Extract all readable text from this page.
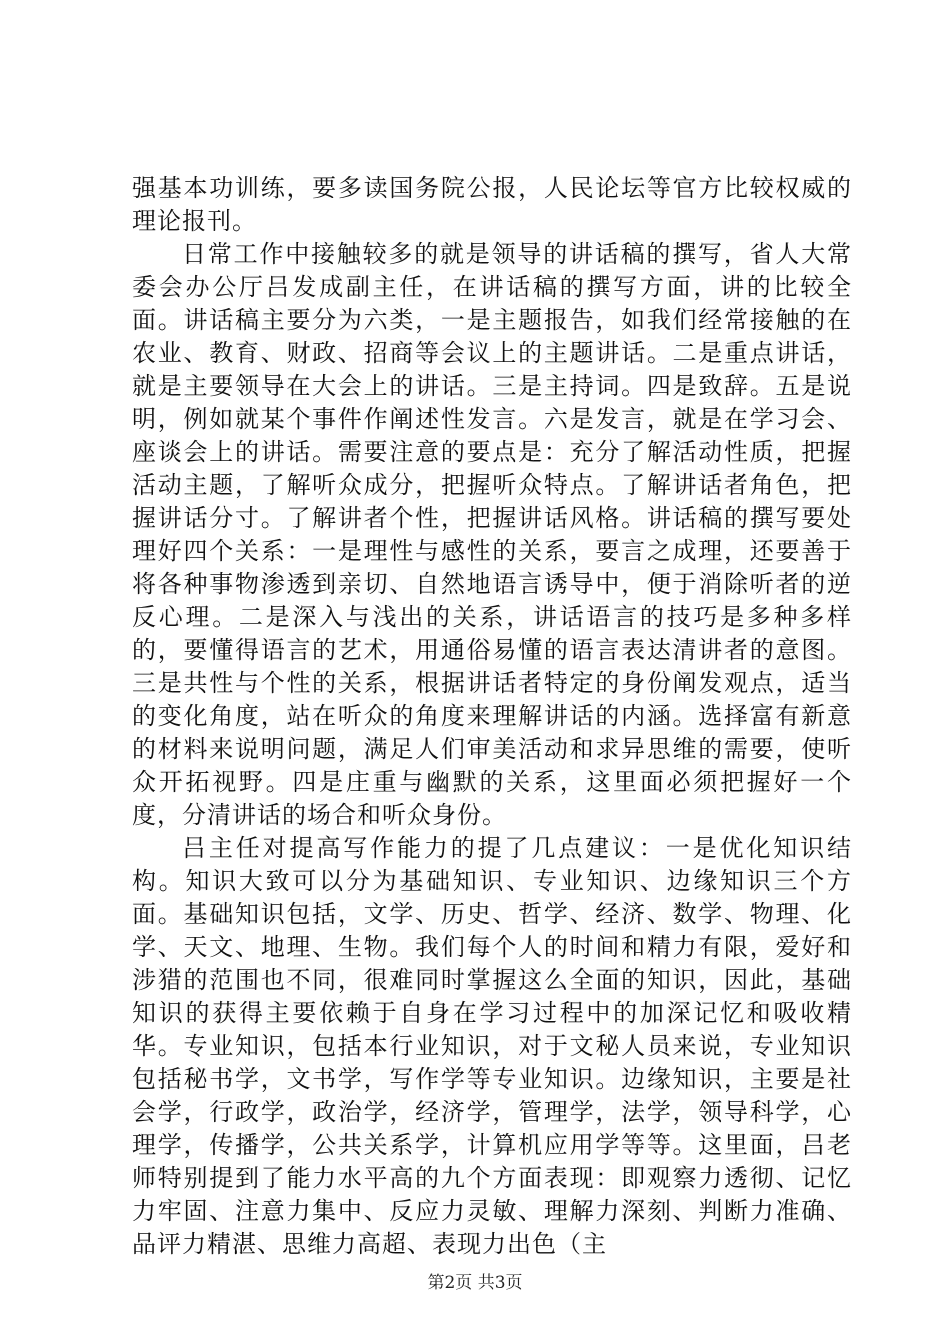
强基本功训练，要多读国务院公报，人民论坛等官方比较权威的理论报刊。

日常工作中接触较多的就是领导的讲话稿的撰写，省人大常委会办公厅吕发成副主任，在讲话稿的撰写方面，讲的比较全面。讲话稿主要分为六类，一是主题报告，如我们经常接触的在农业、教育、财政、招商等会议上的主题讲话。二是重点讲话，就是主要领导在大会上的讲话。三是主持词。四是致辞。五是说明，例如就某个事件作阐述性发言。六是发言，就是在学习会、座谈会上的讲话。需要注意的要点是：充分了解活动性质，把握活动主题，了解听众成分，把握听众特点。了解讲话者角色，把握讲话分寸。了解讲者个性，把握讲话风格。讲话稿的撰写要处理好四个关系：一是理性与感性的关系，要言之成理，还要善于将各种事物渗透到亲切、自然地语言诱导中，便于消除听者的逆反心理。二是深入与浅出的关系，讲话语言的技巧是多种多样的，要懂得语言的艺术，用通俗易懂的语言表达清讲者的意图。三是共性与个性的关系，根据讲话者特定的身份阐发观点，适当的变化角度，站在听众的角度来理解讲话的内涵。选择富有新意的材料来说明问题，满足人们审美活动和求异思维的需要，使听众开拓视野。四是庄重与幽默的关系，这里面必须把握好一个度，分清讲话的场合和听众身份。

吕主任对提高写作能力的提了几点建议：一是优化知识结构。知识大致可以分为基础知识、专业知识、边缘知识三个方面。基础知识包括，文学、历史、哲学、经济、数学、物理、化学、天文、地理、生物。我们每个人的时间和精力有限，爱好和涉猎的范围也不同，很难同时掌握这么全面的知识，因此，基础知识的获得主要依赖于自身在学习过程中的加深记忆和吸收精华。专业知识，包括本行业知识，对于文秘人员来说，专业知识包括秘书学，文书学，写作学等专业知识。边缘知识，主要是社会学，行政学，政治学，经济学，管理学，法学，领导科学，心理学，传播学，公共关系学，计算机应用学等等。这里面，吕老师特别提到了能力水平高的九个方面表现：即观察力透彻、记忆力牢固、注意力集中、反应力灵敏、理解力深刻、判断力准确、品评力精湛、思维力高超、表现力出色（主

第2页 共3页
